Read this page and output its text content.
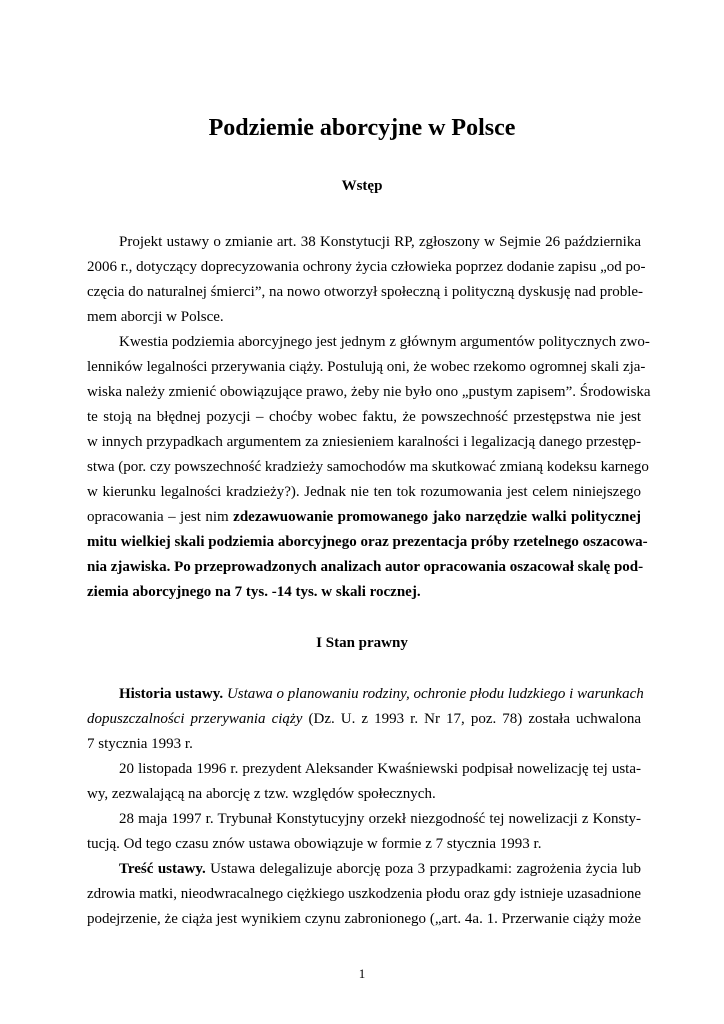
Podziemie aborcyjne w Polsce
Wstęp
Projekt ustawy o zmianie art. 38 Konstytucji RP, zgłoszony w Sejmie 26 października
2006 r., dotyczący doprecyzowania ochrony życia człowieka poprzez dodanie zapisu „od po-
częcia do naturalnej śmierci”, na nowo otworzył społeczną i polityczną dyskusję nad proble-
mem aborcji w Polsce.
Kwestia podziemia aborcyjnego jest jednym z głównym argumentów politycznych zwo-
lenników legalności przerywania ciąży. Postulują oni, że wobec rzekomo ogromnej skali zja-
wiska należy zmienić obowiązujące prawo, żeby nie było ono „pustym zapisem”. Środowiska
te stoją na błędnej pozycji – choćby wobec faktu, że powszechność przestępstwa nie jest
w innych przypadkach argumentem za zniesieniem karalności i legalizacją danego przestęp-
stwa (por. czy powszechność kradzieży samochodów ma skutkować zmianą kodeksu karnego
w kierunku legalności kradzieży?). Jednak nie ten tok rozumowania jest celem niniejszego
opracowania – jest nim zdezawuowanie promowanego jako narzędzie walki politycznej
mitu wielkiej skali podziemia aborcyjnego oraz prezentacja próby rzetelnego oszacowa-
nia zjawiska. Po przeprowadzonych analizach autor opracowania oszacował skalę pod-
ziemia aborcyjnego na 7 tys. -14 tys. w skali rocznej.
I Stan prawny
Historia ustawy. Ustawa o planowaniu rodziny, ochronie płodu ludzkiego i warunkach
dopuszczalności przerywania ciąży (Dz. U. z 1993 r. Nr 17, poz. 78) została uchwalona
7 stycznia 1993 r.
20 listopada 1996 r. prezydent Aleksander Kwaśniewski podpisał nowelizację tej usta-
wy, zezwalającą na aborcję z tzw. względów społecznych.
28 maja 1997 r. Trybunał Konstytucyjny orzekł niezgodność tej nowelizacji z Konsty-
tucją. Od tego czasu znów ustawa obowiązuje w formie z 7 stycznia 1993 r.
Treść ustawy. Ustawa delegalizuje aborcję poza 3 przypadkami: zagrożenia życia lub
zdrowia matki, nieodwracalnego ciężkiego uszkodzenia płodu oraz gdy istnieje uzasadnione
podejrzenie, że ciąża jest wynikiem czynu zabronionego („art. 4a. 1. Przerwanie ciąży może
1
